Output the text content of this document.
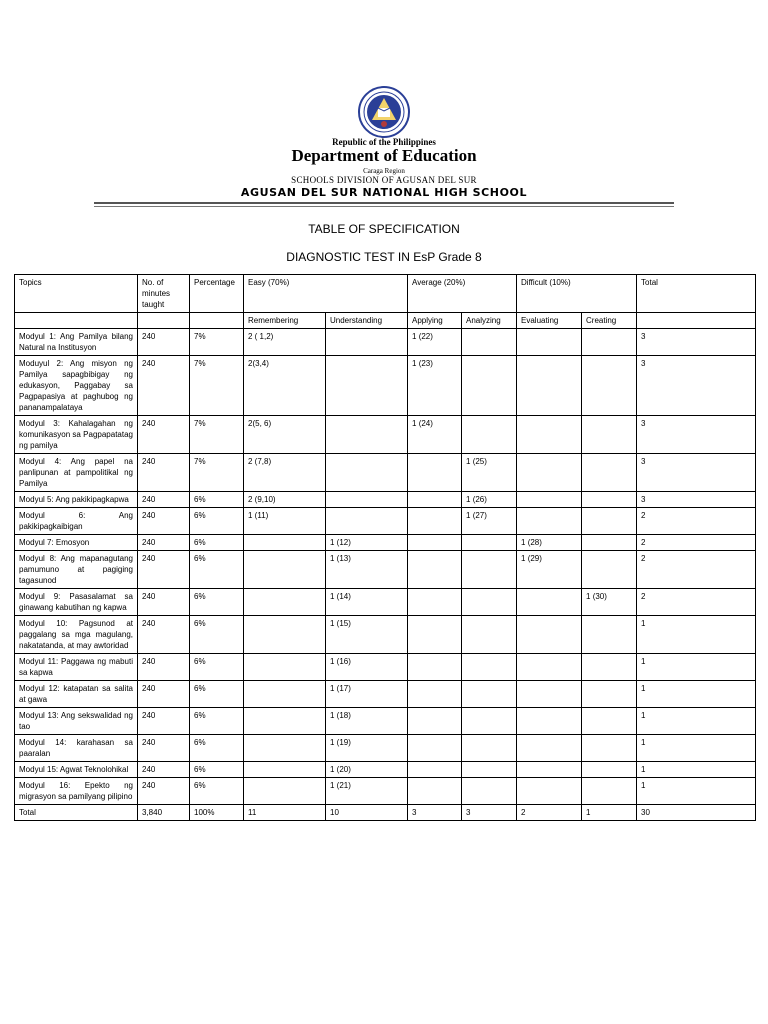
Republic of the Philippines
Department of Education
Caraga Region
SCHOOLS DIVISION OF AGUSAN DEL SUR
AGUSAN DEL SUR NATIONAL HIGH SCHOOL
TABLE OF SPECIFICATION
DIAGNOSTIC TEST IN EsP Grade 8
Topics	No. of minutes taught	Percentage	Easy (70%)		Average (20%)		Difficult (10%)		Total
			Remembering	Understanding	Applying	Analyzing	Evaluating	Creating	
Modyul 1: Ang Pamilya bilang Natural na Institusyon	240	7%	2 ( 1,2)		1 (22)				3
Moduyul 2: Ang misyon ng Pamilya sapagbibigay ng edukasyon, Paggabay sa Pagpapasiya at paghubog ng pananampalataya	240	7%	2(3,4)		1 (23)				3
Modyul 3: Kahalagahan ng komunikasyon sa Pagpapatatag ng pamilya	240	7%	2(5, 6)		1 (24)				3
Modyul 4: Ang papel na panlipunan at pampolitikal ng Pamilya	240	7%	2 (7,8)			1 (25)			3
Modyul 5: Ang pakikipagkapwa	240	6%	2 (9,10)			1 (26)			3
Modyul 6: Ang pakikipagkaibigan	240	6%	1 (11)			1 (27)			2
Modyul 7: Emosyon	240	6%		1 (12)			1 (28)		2
Modyul 8: Ang mapanagutang pamumuno at pagiging tagasunod	240	6%		1 (13)			1 (29)		2
Modyul 9: Pasasalamat sa ginawang kabutihan ng kapwa	240	6%		1 (14)				1 (30)	2
Modyul 10: Pagsunod at paggalang sa mga magulang, nakatatanda, at may awtoridad	240	6%		1 (15)					1
Modyul 11: Paggawa ng mabuti sa kapwa	240	6%		1 (16)					1
Modyul 12: katapatan sa salita at gawa	240	6%		1 (17)					1
Modyul 13: Ang sekswalidad ng tao	240	6%		1 (18)					1
Modyul 14: karahasan sa paaralan	240	6%		1 (19)					1
Modyul 15: Agwat Teknolohikal	240	6%		1 (20)					1
Modyul 16: Epekto ng migrasyon sa pamilyang pilipino	240	6%		1 (21)					1
Total	3,840	100%	11	10	3	3	2	1	30
